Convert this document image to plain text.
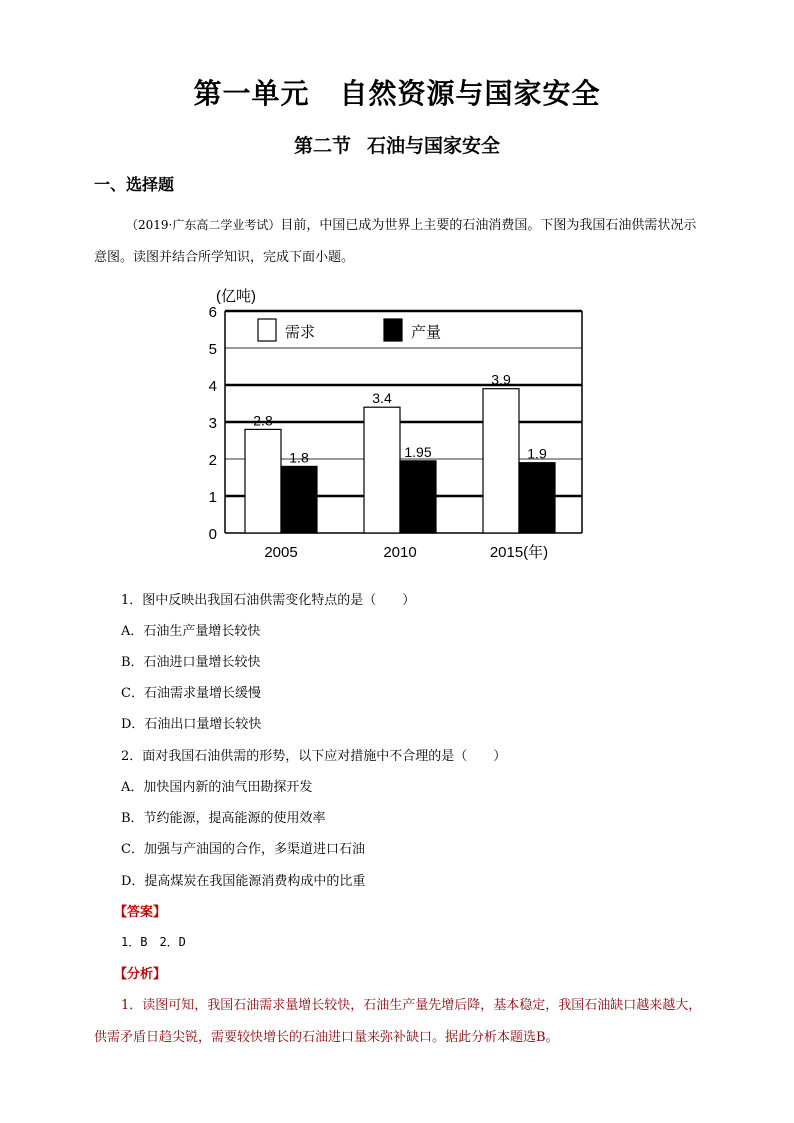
第一单元 自然资源与国家安全
第二节 石油与国家安全
一、选择题
（2019·广东高二学业考试）目前，中国已成为世界上主要的石油消费国。下图为我国石油供需状况示意图。读图并结合所学知识，完成下面小题。
0
1
2
3
4
5
6
(亿吨)
2.8
1.8
2005
3.4
1.95
2010
3.9
1.9
2015(年)
需求	产量
1．图中反映出我国石油供需变化特点的是（　　）
A．石油生产量增长较快
B．石油进口量增长较快
C．石油需求量增长缓慢
D．石油出口量增长较快
2．面对我国石油供需的形势，以下应对措施中不合理的是（　　）
A．加快国内新的油气田勘探开发
B．节约能源，提高能源的使用效率
C．加强与产油国的合作，多渠道进口石油
D．提高煤炭在我国能源消费构成中的比重
【答案】
1．B　2．D
【分析】
1．读图可知，我国石油需求量增长较快，石油生产量先增后降，基本稳定，我国石油缺口越来越大，供需矛盾日趋尖锐，需要较快增长的石油进口量来弥补缺口。据此分析本题选B。
